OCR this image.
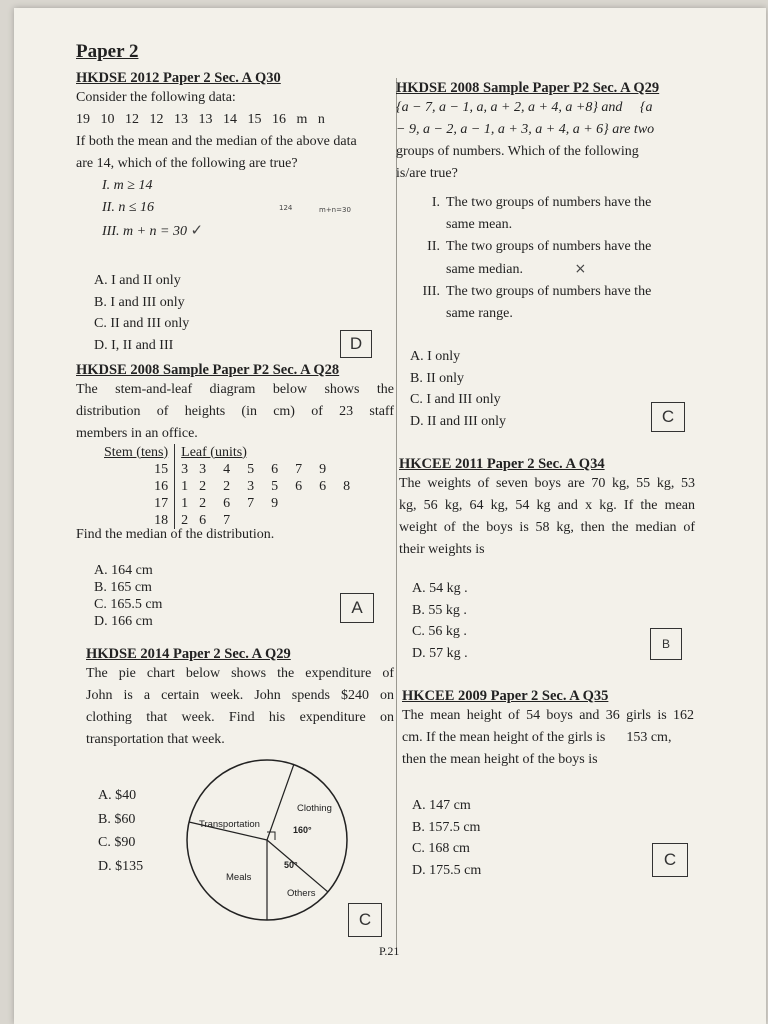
Paper 2
HKDSE 2012 Paper 2 Sec. A Q30
Consider the following data:
19   10   12   12   13   13   14   15   16   m   n
If both the mean and the median of the above data
are 14, which of the following are true?
I. m ≥ 14
II. n ≤ 16
III. m + n = 30 ✓
124	m+n=30
A. I and II only
B. I and III only
C. II and III only
D. I, II and III	D
HKDSE 2008 Sample Paper P2 Sec. A Q28
The stem-and-leaf diagram below shows the
distribution of heights (in cm) of 23 staff
members in an office.
Stem (tens)	Leaf (units)
15	3 3 4 5 6 7 9
16	1 2 2 3 5 6 6 8
17	1 2 6 7 9
18	2 6 7
Find the median of the distribution.
A. 164 cm
B. 165 cm
C. 165.5 cm
D. 166 cm
A
HKDSE 2014 Paper 2 Sec. A Q29
The pie chart below shows the expenditure of
John is a certain week. John spends $240 on
clothing that week. Find his expenditure on
transportation that week.
A. $40
B. $60
C. $90
D. $135
Clothing
Transportation
Meals
Others
160°
50°
C
HKDSE 2008 Sample Paper P2 Sec. A Q29
{a − 7, a − 1, a, a + 2, a + 4, a +8} and     {a
− 9, a − 2, a − 1, a + 3, a + 4, a + 6} are two
groups of numbers. Which of the following
is/are true?
I. The two groups of numbers have the
same mean.
II. The two groups of numbers have the
same median.	×
III. The two groups of numbers have the
same range.
A. I only
B. II only
C. I and III only
D. II and III only	C
HKCEE 2011 Paper 2 Sec. A Q34
The weights of seven boys are 70 kg, 55 kg, 53
kg, 56 kg, 64 kg, 54 kg and x kg. If the mean
weight of the boys is 58 kg, then the median of
their weights is
A. 54 kg .
B. 55 kg .
C. 56 kg .
D. 57 kg .
B
HKCEE 2009 Paper 2 Sec. A Q35
The mean height of 54 boys and 36 girls is 162
cm. If the mean height of the girls is      153 cm,
then the mean height of the boys is
A. 147 cm
B. 157.5 cm
C. 168 cm
D. 175.5 cm
C
P.21
